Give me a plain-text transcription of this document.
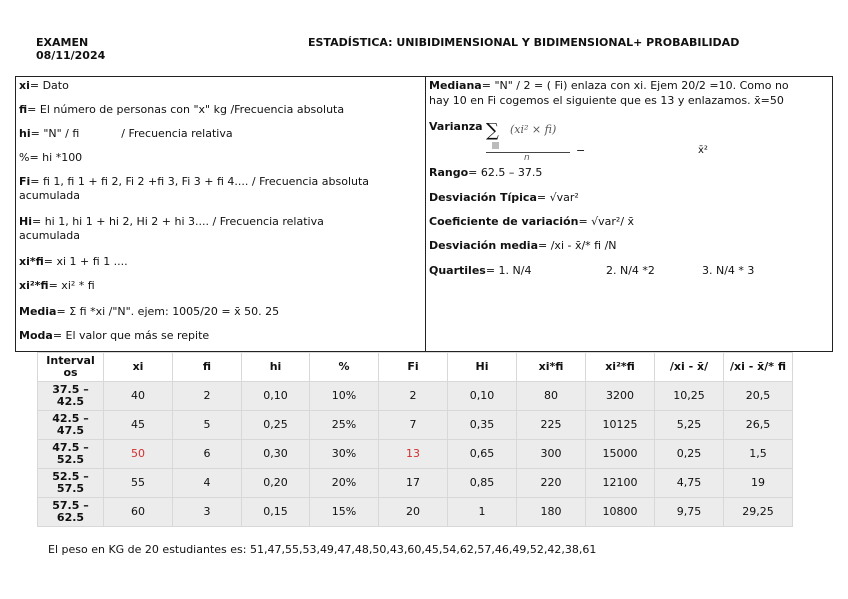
EXAMEN
08/11/2024
ESTADÍSTICA: UNIBIDIMENSIONAL Y BIDIMENSIONAL+ PROBABILIDAD
xi= Dato
fi= El número de personas con "x" kg /Frecuencia absoluta
hi= "N" / fi            / Frecuencia relativa
%= hi *100
Fi= fi 1, fi 1 + fi 2, Fi 2 +fi 3, Fi 3 + fi 4.... / Frecuencia absoluta
acumulada
Hi= hi 1, hi 1 + hi 2, Hi 2 + hi 3.... / Frecuencia relativa
acumulada
xi*fi= xi 1 + fi 1 ....
xi²*fi= xi² * fi
Media= Σ fi *xi /"N". ejem: 1005/20 = x̄ 50. 25
Moda= El valor que más se repite
Mediana= "N" / 2 = ( Fi) enlaza con xi. Ejem 20/2 =10. Como no
hay 10 en Fi cogemos el siguiente que es 13 y enlazamos. x̄=50
Varianza ∑ (xi² × fi)
n
−	x̄²
Rango= 62.5 – 37.5
Desviación Típica= √var²
Coeficiente de variación= √var²/ x̄
Desviación media= /xi - x̄/* fi /N
Quartiles= 1. N/4	2. N/4 *2	3. N/4 * 3
Interval os	xi	fi	hi	%	Fi	Hi	xi*fi	xi²*fi	/xi - x̄/	/xi - x̄/* fi
37.5 – 42.5	40	2	0,10	10%	2	0,10	80	3200	10,25	20,5
42.5 – 47.5	45	5	0,25	25%	7	0,35	225	10125	5,25	26,5
47.5 – 52.5	50	6	0,30	30%	13	0,65	300	15000	0,25	1,5
52.5 – 57.5	55	4	0,20	20%	17	0,85	220	12100	4,75	19
57.5 – 62.5	60	3	0,15	15%	20	1	180	10800	9,75	29,25
El peso en KG de 20 estudiantes es: 51,47,55,53,49,47,48,50,43,60,45,54,62,57,46,49,52,42,38,61
